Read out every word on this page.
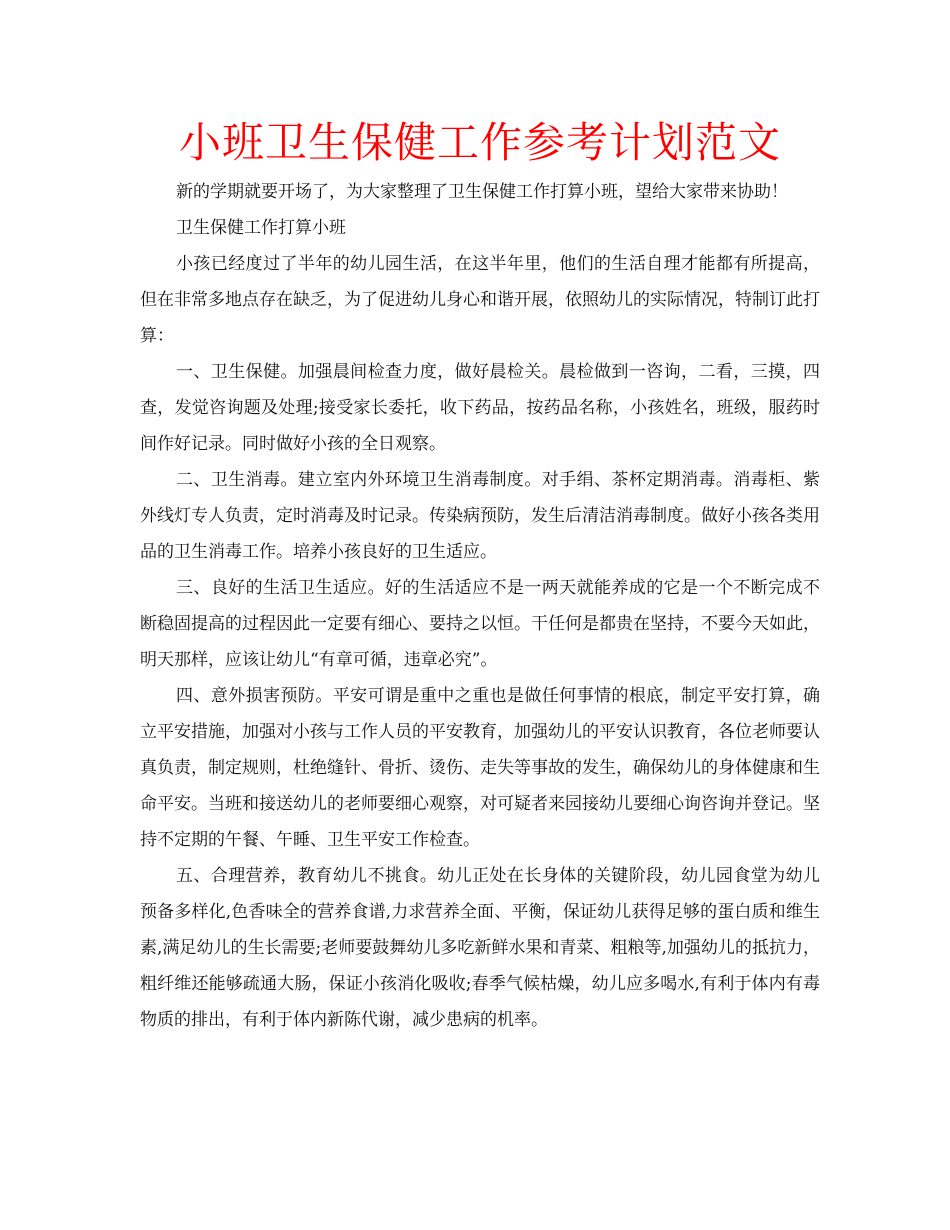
小班卫生保健工作参考计划范文

新的学期就要开场了，为大家整理了卫生保健工作打算小班，望给大家带来协助！

卫生保健工作打算小班

小孩已经度过了半年的幼儿园生活，在这半年里，他们的生活自理才能都有所提高，但在非常多地点存在缺乏，为了促进幼儿身心和谐开展，依照幼儿的实际情况，特制订此打算：

一、卫生保健。加强晨间检查力度，做好晨检关。晨检做到一咨询，二看，三摸，四查，发觉咨询题及处理;接受家长委托，收下药品，按药品名称，小孩姓名，班级，服药时间作好记录。同时做好小孩的全日观察。

二、卫生消毒。建立室内外环境卫生消毒制度。对手绢、茶杯定期消毒。消毒柜、紫外线灯专人负责，定时消毒及时记录。传染病预防，发生后清洁消毒制度。做好小孩各类用品的卫生消毒工作。培养小孩良好的卫生适应。

三、良好的生活卫生适应。好的生活适应不是一两天就能养成的它是一个不断完成不断稳固提高的过程因此一定要有细心、要持之以恒。干任何是都贵在坚持，不要今天如此，明天那样，应该让幼儿“有章可循，违章必究”。

四、意外损害预防。平安可谓是重中之重也是做任何事情的根底，制定平安打算，确立平安措施，加强对小孩与工作人员的平安教育，加强幼儿的平安认识教育，各位老师要认真负责，制定规则，杜绝缝针、骨折、烫伤、走失等事故的发生，确保幼儿的身体健康和生命平安。当班和接送幼儿的老师要细心观察，对可疑者来园接幼儿要细心询咨询并登记。坚持不定期的午餐、午睡、卫生平安工作检查。

五、合理营养，教育幼儿不挑食。幼儿正处在长身体的关键阶段，幼儿园食堂为幼儿预备多样化,色香味全的营养食谱,力求营养全面、平衡，保证幼儿获得足够的蛋白质和维生素,满足幼儿的生长需要;老师要鼓舞幼儿多吃新鲜水果和青菜、粗粮等,加强幼儿的抵抗力，粗纤维还能够疏通大肠，保证小孩消化吸收;春季气候枯燥，幼儿应多喝水,有利于体内有毒物质的排出，有利于体内新陈代谢，减少患病的机率。
